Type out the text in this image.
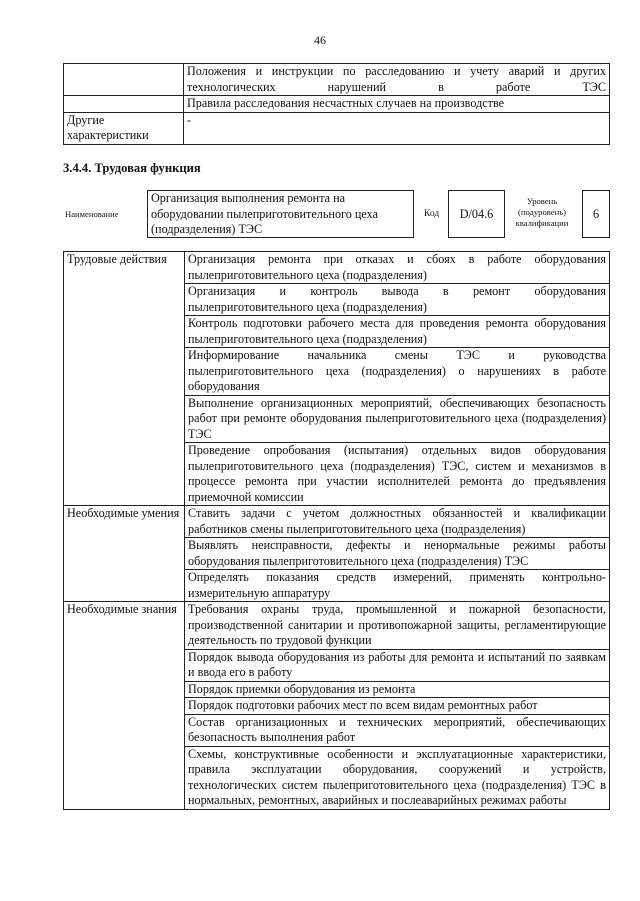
46
	Положения и инструкции по расследованию и учету аварий и других технологических нарушений в работе ТЭС
	Правила расследования несчастных случаев на производстве
Другие характеристики	-
3.4.4. Трудовая функция
Наименование
Организация выполнения ремонта на оборудовании пылеприготовительного цеха (подразделения) ТЭС
Код	D/04.6
Уровень (подуровень) квалификации
6
Трудовые действия	Организация ремонта при отказах и сбоях в работе оборудования пылеприготовительного цеха (подразделения)
	Организация и контроль вывода в ремонт оборудования пылеприготовительного цеха (подразделения)
	Контроль подготовки рабочего места для проведения ремонта оборудования пылеприготовительного цеха (подразделения)
	Информирование начальника смены ТЭС и руководства пылеприготовительного цеха (подразделения) о нарушениях в работе оборудования
	Выполнение организационных мероприятий, обеспечивающих безопасность работ при ремонте оборудования пылеприготовительного цеха (подразделения) ТЭС
	Проведение опробования (испытания) отдельных видов оборудования пылеприготовительного цеха (подразделения) ТЭС, систем и механизмов в процессе ремонта при участии исполнителей ремонта до предъявления приемочной комиссии
Необходимые умения	Ставить задачи с учетом должностных обязанностей и квалификации работников смены пылеприготовительного цеха (подразделения)
	Выявлять неисправности, дефекты и ненормальные режимы работы оборудования пылеприготовительного цеха (подразделения) ТЭС
	Определять показания средств измерений, применять контрольно-измерительную аппаратуру
Необходимые знания	Требования охраны труда, промышленной и пожарной безопасности, производственной санитарии и противопожарной защиты, регламентирующие деятельность по трудовой функции
	Порядок вывода оборудования из работы для ремонта и испытаний по заявкам и ввода его в работу
	Порядок приемки оборудования из ремонта
	Порядок подготовки рабочих мест по всем видам ремонтных работ
	Состав организационных и технических мероприятий, обеспечивающих безопасность выполнения работ
	Схемы, конструктивные особенности и эксплуатационные характеристики, правила эксплуатации оборудования, сооружений и устройств, технологических систем пылеприготовительного цеха (подразделения) ТЭС в нормальных, ремонтных, аварийных и послеаварийных режимах работы
